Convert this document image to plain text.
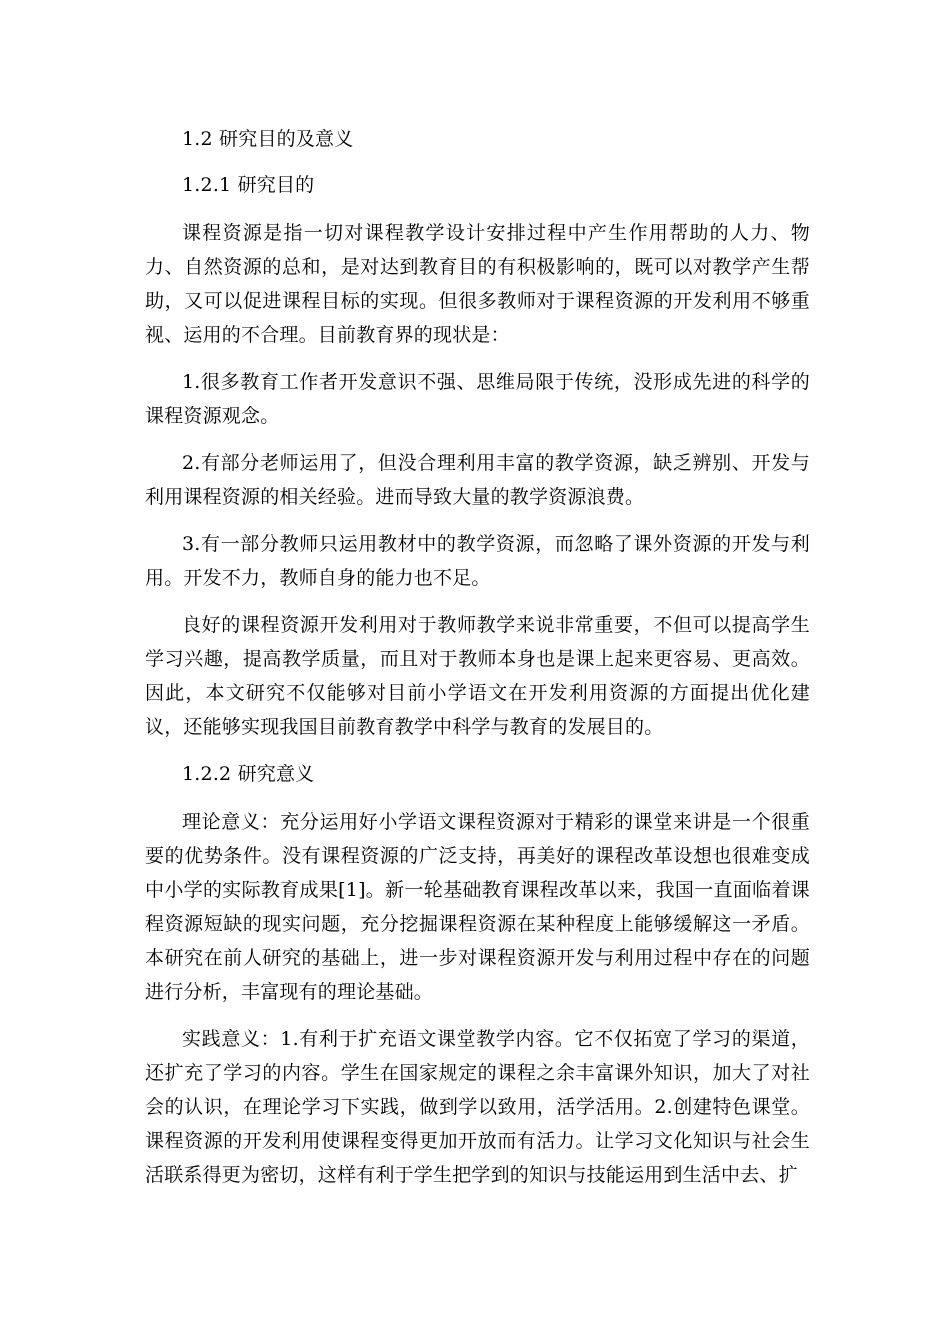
1.2 研究目的及意义

1.2.1 研究目的

课程资源是指一切对课程教学设计安排过程中产生作用帮助的人力、物力、自然资源的总和，是对达到教育目的有积极影响的，既可以对教学产生帮助，又可以促进课程目标的实现。但很多教师对于课程资源的开发利用不够重视、运用的不合理。目前教育界的现状是：

1.很多教育工作者开发意识不强、思维局限于传统，没形成先进的科学的课程资源观念。

2.有部分老师运用了，但没合理利用丰富的教学资源，缺乏辨别、开发与利用课程资源的相关经验。进而导致大量的教学资源浪费。

3.有一部分教师只运用教材中的教学资源，而忽略了课外资源的开发与利用。开发不力，教师自身的能力也不足。

良好的课程资源开发利用对于教师教学来说非常重要，不但可以提高学生学习兴趣，提高教学质量，而且对于教师本身也是课上起来更容易、更高效。因此，本文研究不仅能够对目前小学语文在开发利用资源的方面提出优化建议，还能够实现我国目前教育教学中科学与教育的发展目的。

1.2.2 研究意义

理论意义：充分运用好小学语文课程资源对于精彩的课堂来讲是一个很重要的优势条件。没有课程资源的广泛支持，再美好的课程改革设想也很难变成中小学的实际教育成果[1]。新一轮基础教育课程改革以来，我国一直面临着课程资源短缺的现实问题，充分挖掘课程资源在某种程度上能够缓解这一矛盾。本研究在前人研究的基础上，进一步对课程资源开发与利用过程中存在的问题进行分析，丰富现有的理论基础。

实践意义：1.有利于扩充语文课堂教学内容。它不仅拓宽了学习的渠道，还扩充了学习的内容。学生在国家规定的课程之余丰富课外知识，加大了对社会的认识，在理论学习下实践，做到学以致用，活学活用。2.创建特色课堂。课程资源的开发利用使课程变得更加开放而有活力。让学习文化知识与社会生活联系得更为密切，这样有利于学生把学到的知识与技能运用到生活中去、扩
